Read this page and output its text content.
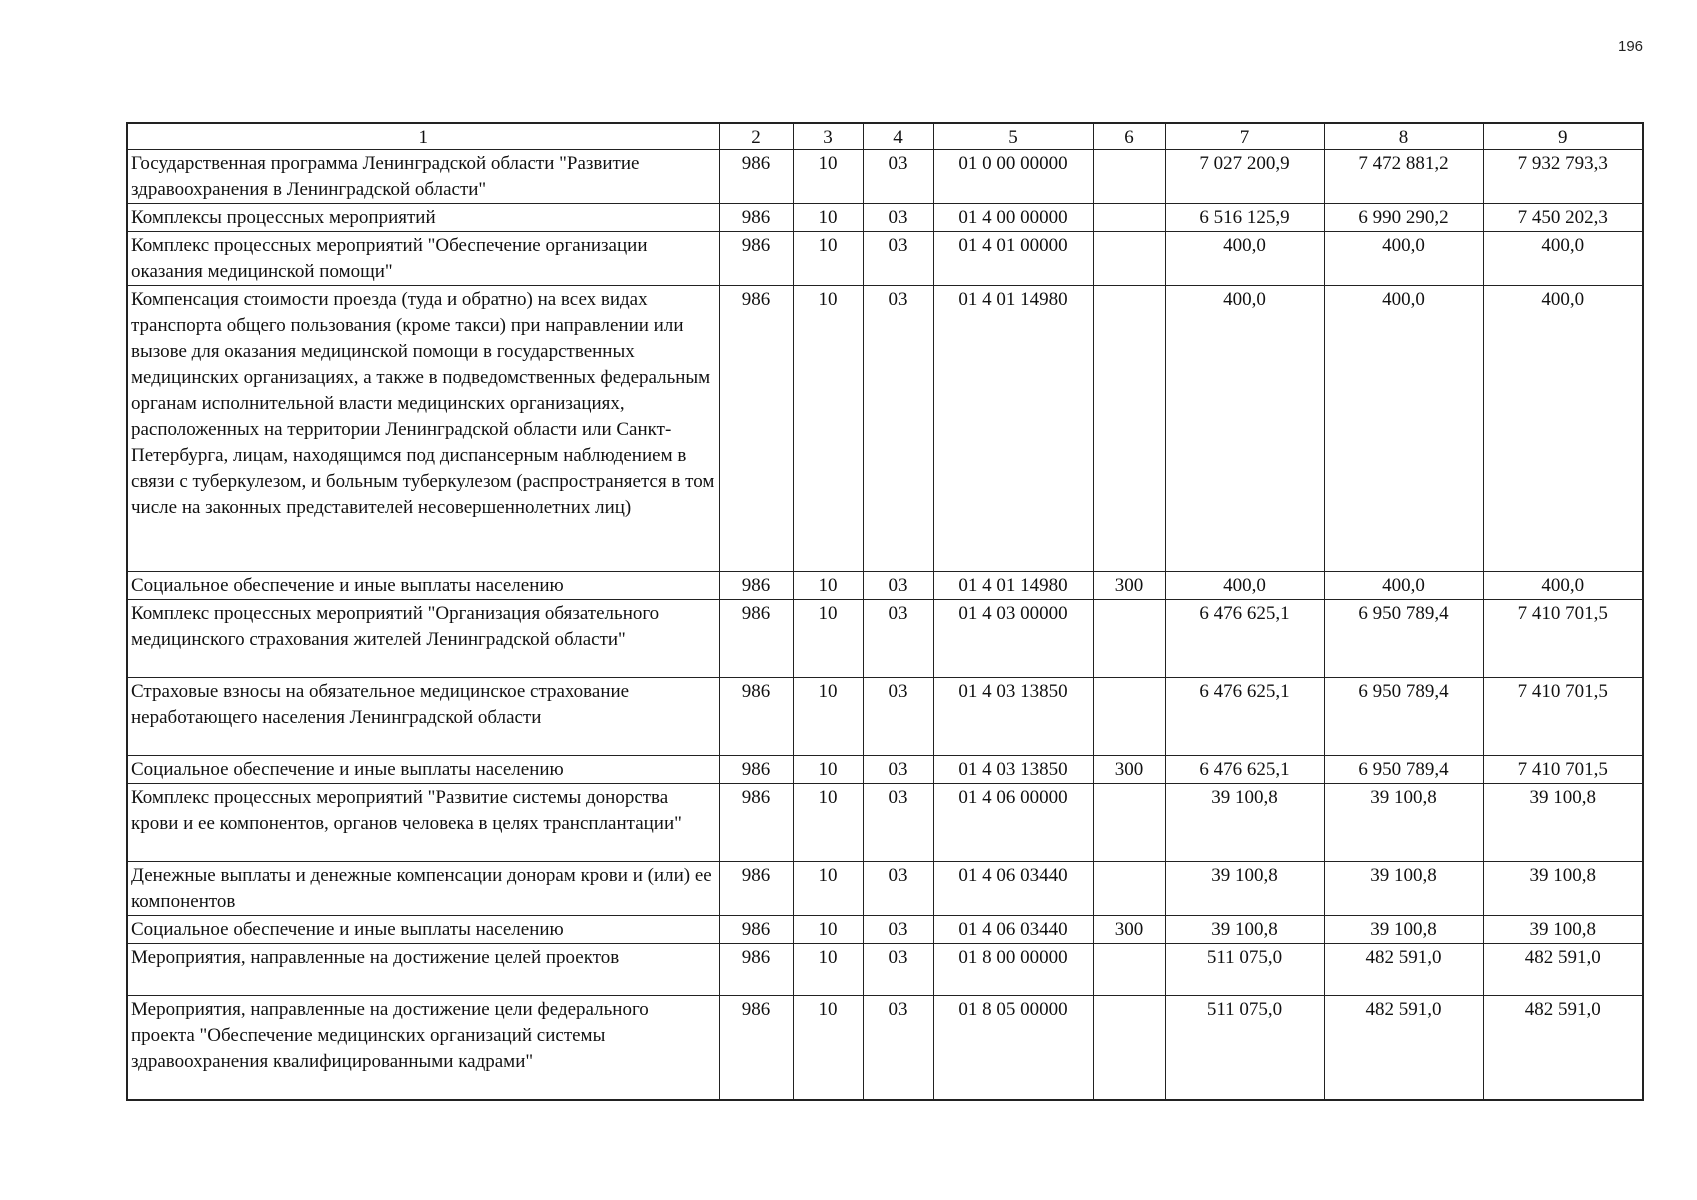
196
1	2	3	4	5	6	7	8	9
Государственная программа Ленинградской области "Развитие здравоохранения в Ленинградской области"	986	10	03	01 0 00 00000		7 027 200,9	7 472 881,2	7 932 793,3
Комплексы процессных мероприятий	986	10	03	01 4 00 00000		6 516 125,9	6 990 290,2	7 450 202,3
Комплекс процессных мероприятий "Обеспечение организации оказания медицинской помощи"	986	10	03	01 4 01 00000		400,0	400,0	400,0
Компенсация стоимости проезда (туда и обратно) на всех видах транспорта общего пользования (кроме такси) при направлении или вызове для оказания медицинской помощи в государственных медицинских организациях, а также в подведомственных федеральным органам исполнительной власти медицинских организациях, расположенных на территории Ленинградской области или Санкт-Петербурга, лицам, находящимся под диспансерным наблюдением в связи с туберкулезом, и больным туберкулезом (распространяется в том числе на законных представителей несовершеннолетних лиц)	986	10	03	01 4 01 14980		400,0	400,0	400,0
Социальное обеспечение и иные выплаты населению	986	10	03	01 4 01 14980	300	400,0	400,0	400,0
Комплекс процессных мероприятий "Организация обязательного медицинского страхования жителей Ленинградской области"	986	10	03	01 4 03 00000		6 476 625,1	6 950 789,4	7 410 701,5
Страховые взносы на обязательное медицинское страхование неработающего населения Ленинградской области	986	10	03	01 4 03 13850		6 476 625,1	6 950 789,4	7 410 701,5
Социальное обеспечение и иные выплаты населению	986	10	03	01 4 03 13850	300	6 476 625,1	6 950 789,4	7 410 701,5
Комплекс процессных мероприятий "Развитие системы донорства крови и ее компонентов, органов человека в целях трансплантации"	986	10	03	01 4 06 00000		39 100,8	39 100,8	39 100,8
Денежные выплаты и денежные компенсации донорам крови и (или) ее компонентов	986	10	03	01 4 06 03440		39 100,8	39 100,8	39 100,8
Социальное обеспечение и иные выплаты населению	986	10	03	01 4 06 03440	300	39 100,8	39 100,8	39 100,8
Мероприятия, направленные на достижение целей проектов	986	10	03	01 8 00 00000		511 075,0	482 591,0	482 591,0
Мероприятия, направленные на достижение цели федерального проекта "Обеспечение медицинских организаций системы здравоохранения квалифицированными кадрами"	986	10	03	01 8 05 00000		511 075,0	482 591,0	482 591,0
